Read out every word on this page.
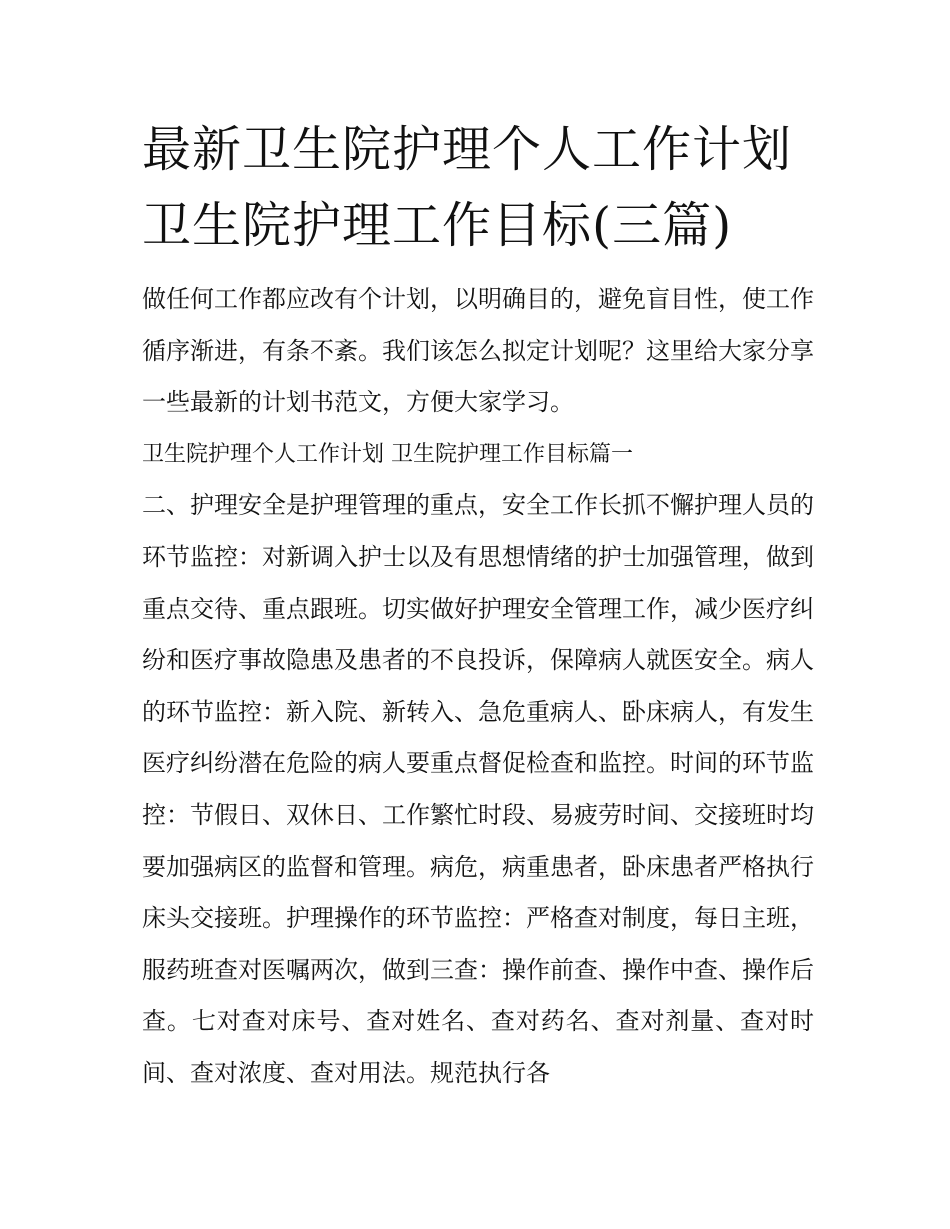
最新卫生院护理个人工作计划
卫生院护理工作目标(三篇)

做任何工作都应改有个计划，以明确目的，避免盲目性，使工作循序渐进，有条不紊。我们该怎么拟定计划呢？这里给大家分享一些最新的计划书范文，方便大家学习。

卫生院护理个人工作计划 卫生院护理工作目标篇一

二、护理安全是护理管理的重点，安全工作长抓不懈护理人员的环节监控：对新调入护士以及有思想情绪的护士加强管理，做到重点交待、重点跟班。切实做好护理安全管理工作，减少医疗纠纷和医疗事故隐患及患者的不良投诉，保障病人就医安全。病人的环节监控：新入院、新转入、急危重病人、卧床病人，有发生医疗纠纷潜在危险的病人要重点督促检查和监控。时间的环节监控：节假日、双休日、工作繁忙时段、易疲劳时间、交接班时均要加强病区的监督和管理。病危，病重患者，卧床患者严格执行床头交接班。护理操作的环节监控：严格查对制度，每日主班，服药班查对医嘱两次，做到三查：操作前查、操作中查、操作后查。七对查对床号、查对姓名、查对药名、查对剂量、查对时间、查对浓度、查对用法。规范执行各
